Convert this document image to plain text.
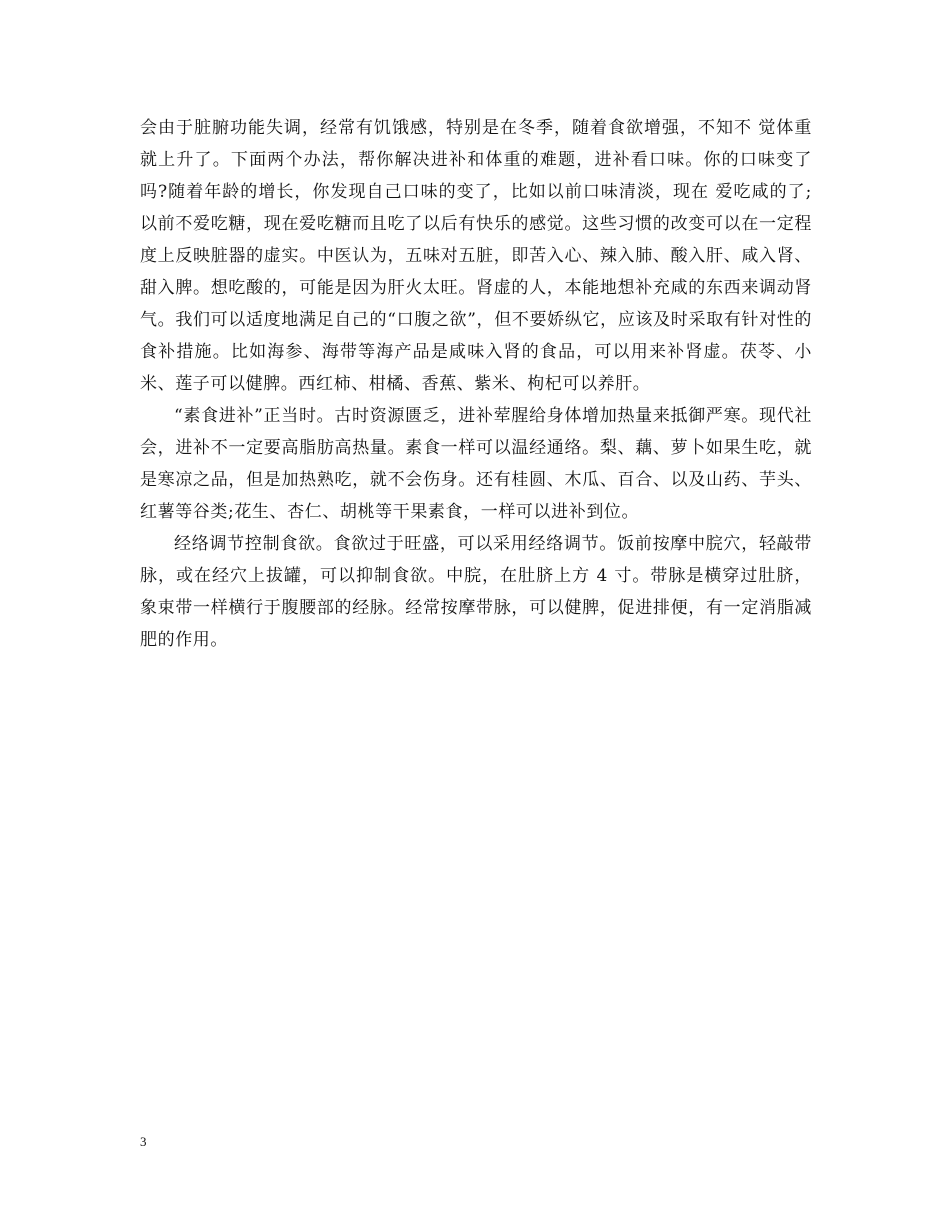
会由于脏腑功能失调，经常有饥饿感，特别是在冬季，随着食欲增强，不知不 觉体重就上升了。下面两个办法，帮你解决进补和体重的难题，进补看口味。你的口味变了吗?随着年龄的增长，你发现自己口味的变了，比如以前口味清淡，现在 爱吃咸的了;以前不爱吃糖，现在爱吃糖而且吃了以后有快乐的感觉。这些习惯的改变可以在一定程度上反映脏器的虚实。中医认为，五味对五脏，即苦入心、辣入肺、酸入肝、咸入肾、甜入脾。想吃酸的，可能是因为肝火太旺。肾虚的人，本能地想补充咸的东西来调动肾气。我们可以适度地满足自己的“口腹之欲”，但不要娇纵它，应该及时采取有针对性的食补措施。比如海参、海带等海产品是咸味入肾的食品，可以用来补肾虚。茯苓、小米、莲子可以健脾。西红柿、柑橘、香蕉、紫米、枸杞可以养肝。

“素食进补”正当时。古时资源匮乏，进补荤腥给身体增加热量来抵御严寒。现代社会，进补不一定要高脂肪高热量。素食一样可以温经通络。梨、藕、萝卜如果生吃，就是寒凉之品，但是加热熟吃，就不会伤身。还有桂圆、木瓜、百合、以及山药、芋头、红薯等谷类;花生、杏仁、胡桃等干果素食，一样可以进补到位。

经络调节控制食欲。食欲过于旺盛，可以采用经络调节。饭前按摩中脘穴，轻敲带脉，或在经穴上拔罐，可以抑制食欲。中脘，在肚脐上方 4 寸。带脉是横穿过肚脐，象束带一样横行于腹腰部的经脉。经常按摩带脉，可以健脾，促进排便，有一定消脂减肥的作用。

3
